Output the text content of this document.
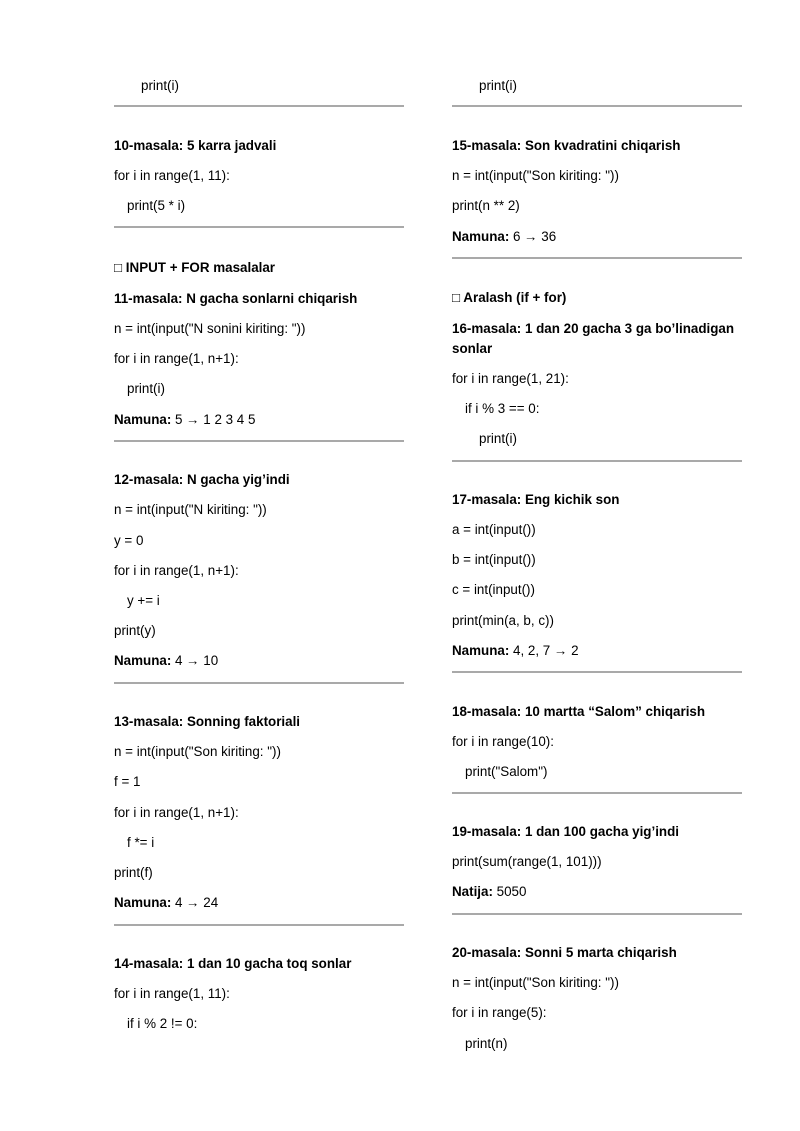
print(i)
10-masala: 5 karra jadvali
for i in range(1, 11):
print(5 * i)
□ INPUT + FOR masalalar
11-masala: N gacha sonlarni chiqarish
n = int(input("N sonini kiriting: "))
for i in range(1, n+1):
print(i)
Namuna: 5 → 1 2 3 4 5
12-masala: N gacha yig’indi
n = int(input("N kiriting: "))
y = 0
for i in range(1, n+1):
y += i
print(y)
Namuna: 4 → 10
13-masala: Sonning faktoriali
n = int(input("Son kiriting: "))
f = 1
for i in range(1, n+1):
f *= i
print(f)
Namuna: 4 → 24
14-masala: 1 dan 10 gacha toq sonlar
for i in range(1, 11):
if i % 2 != 0:
print(i)
15-masala: Son kvadratini chiqarish
n = int(input("Son kiriting: "))
print(n ** 2)
Namuna: 6 → 36
□ Aralash (if + for)
16-masala: 1 dan 20 gacha 3 ga bo’linadigan sonlar
for i in range(1, 21):
if i % 3 == 0:
print(i)
17-masala: Eng kichik son
a = int(input())
b = int(input())
c = int(input())
print(min(a, b, c))
Namuna: 4, 2, 7 → 2
18-masala: 10 martta “Salom” chiqarish
for i in range(10):
print("Salom")
19-masala: 1 dan 100 gacha yig’indi
print(sum(range(1, 101)))
Natija: 5050
20-masala: Sonni 5 marta chiqarish
n = int(input("Son kiriting: "))
for i in range(5):
print(n)
